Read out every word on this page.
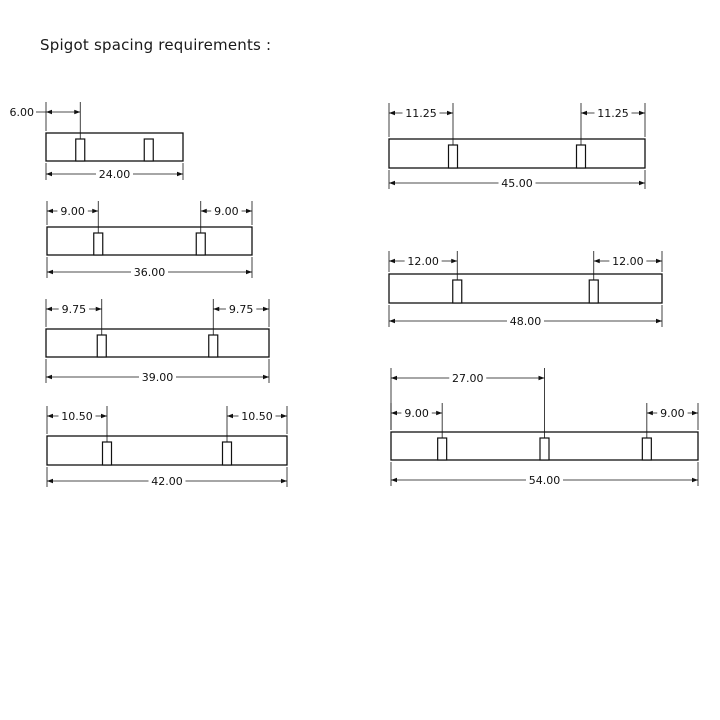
Spigot spacing requirements :
24.00
6.00
36.00
9.00	9.00
39.00
9.75	9.75
42.00
10.50	10.50
45.00
11.25	11.25
48.00
12.00	12.00
54.00
9.00
27.00
9.00
